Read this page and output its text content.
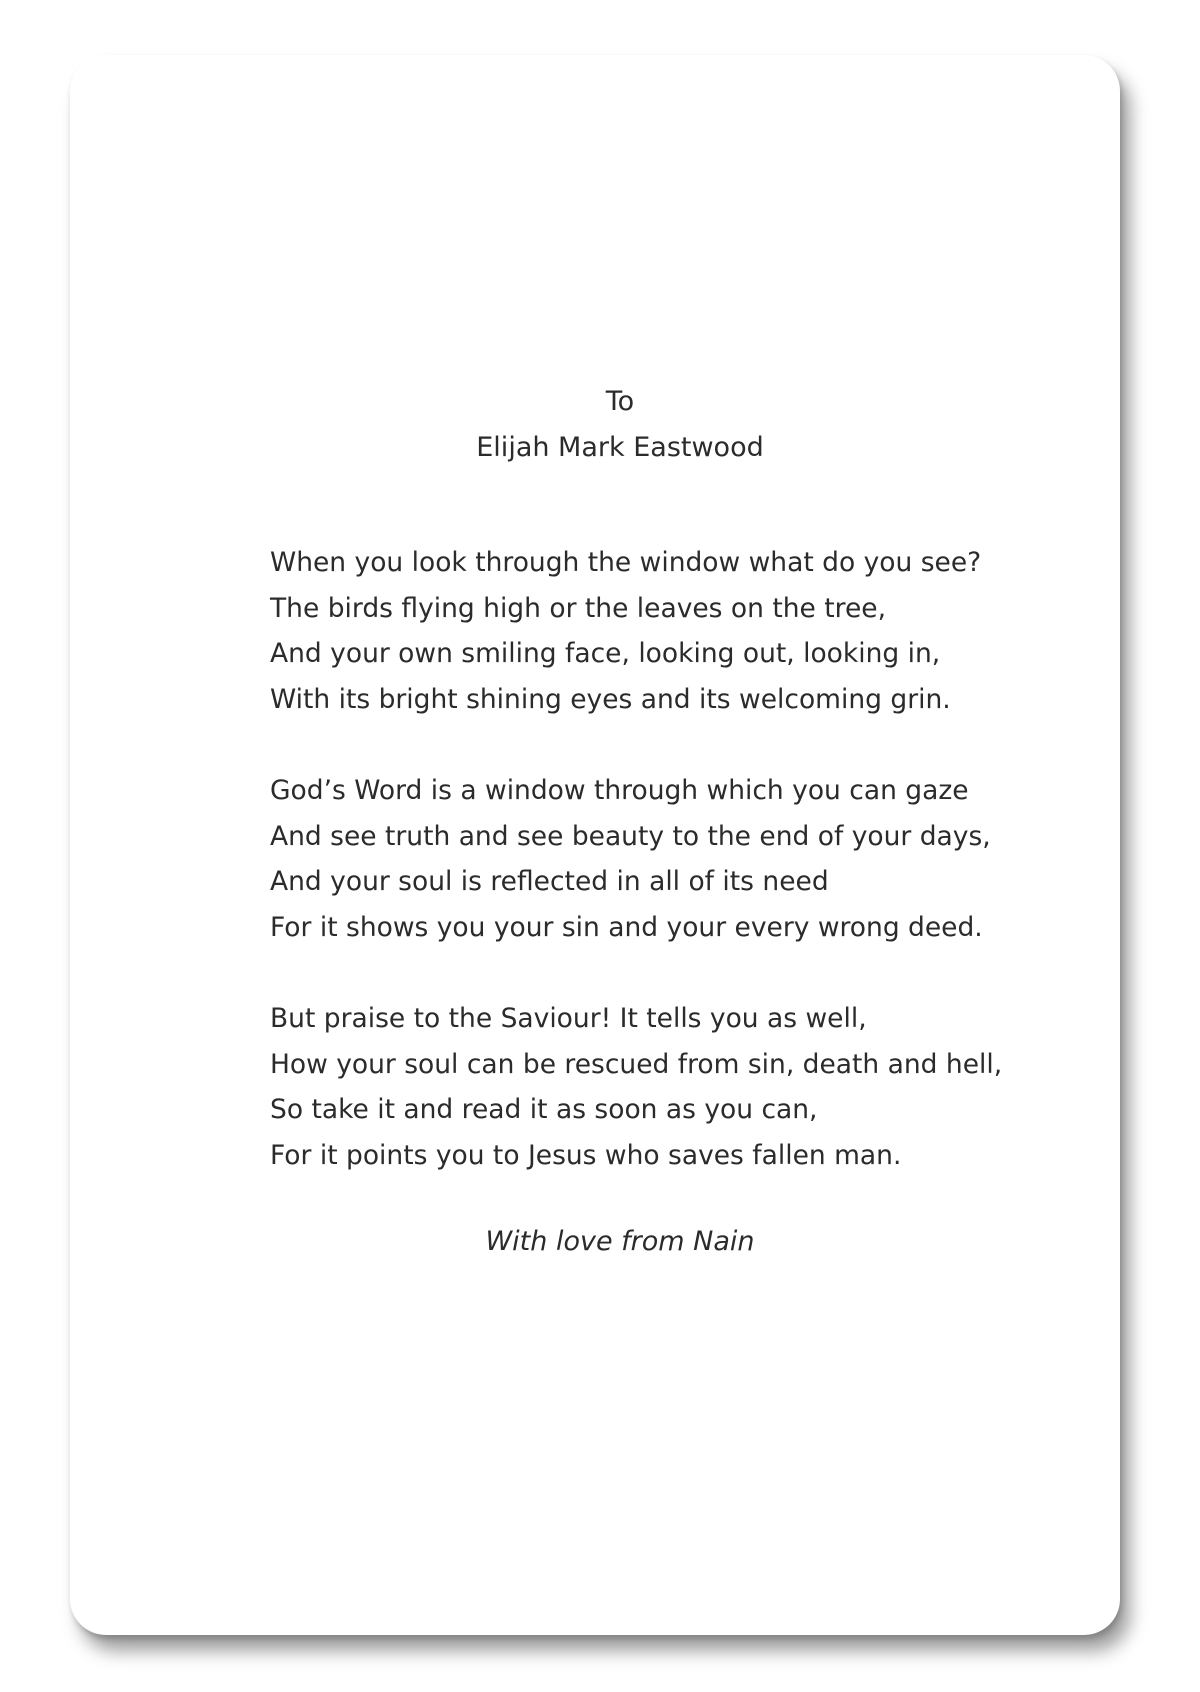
To
Elijah Mark Eastwood
When you look through the window what do you see?
The birds flying high or the leaves on the tree,
And your own smiling face, looking out, looking in,
With its bright shining eyes and its welcoming grin.
God’s Word is a window through which you can gaze
And see truth and see beauty to the end of your days,
And your soul is reflected in all of its need
For it shows you your sin and your every wrong deed.
But praise to the Saviour! It tells you as well,
How your soul can be rescued from sin, death and hell,
So take it and read it as soon as you can,
For it points you to Jesus who saves fallen man.
With love from Nain
